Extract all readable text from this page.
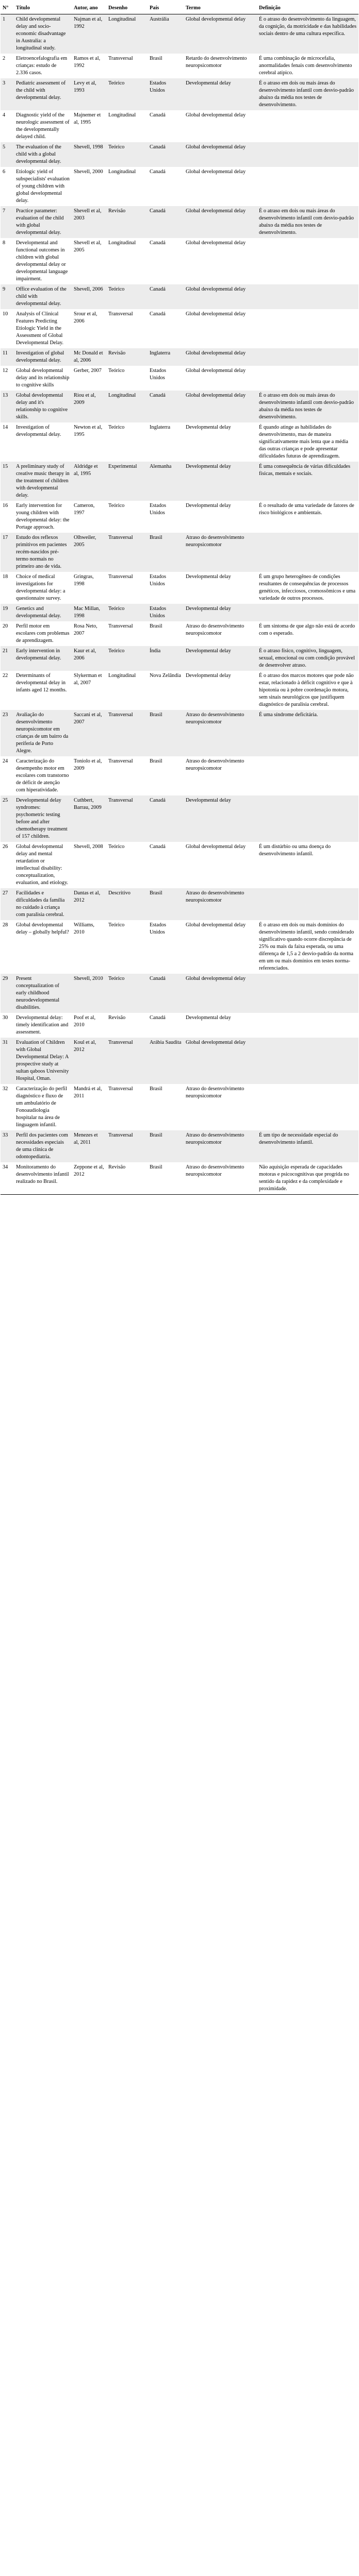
N°	Título	Autor, ano	Desenho	País	Termo	Definição
1	Child developmental delay and socio-economic disadvantage in Australia: a longitudinal study.	Najman et al, 1992	Longitudinal	Austrália	Global developmental delay	É o atraso do desenvolvimento da linguagem, da cognição, da motricidade e das habilidades sociais dentro de uma cultura específica.
2	Eletroencefalografia em crianças: estudo de 2.336 casos.	Ramos et al, 1992	Transversal	Brasil	Retardo do desenvolvimento neuropsicomotor	É uma combinação de microcefalia, anormalidades fenais com desenvolvimento cerebral atípico.
3	Pediatric assessment of the child with developmental delay.	Levy et al, 1993	Teórico	Estados Unidos	Developmental delay	É o atraso em dois ou mais áreas do desenvolvimento infantil com desvio-padrão abaixo da média nos testes de desenvolvimento.
4	Diagnostic yield of the neurologic assessment of the developmentally delayed child.	Majnemer et al, 1995	Longitudinal	Canadá	Global developmental delay	
5	The evaluation of the child with a global developmental delay.	Shevell, 1998	Teórico	Canadá	Global developmental delay	
6	Etiologic yield of subspecialists' evaluation of young children with global developmental delay.	Shevell, 2000	Longitudinal	Canadá	Global developmental delay	
7	Practice parameter: evaluation of the child with global developmental delay.	Shevell et al, 2003	Revisão	Canadá	Global developmental delay	É o atraso em dois ou mais áreas do desenvolvimento infantil com desvio-padrão abaixo da média nos testes de desenvolvimento.
8	Developmental and functional outcomes in children with global developmental delay or developmental language impairment.	Shevell et al, 2005	Longitudinal	Canadá	Global developmental delay	
9	Office evaluation of the child with developmental delay.	Shevell, 2006	Teórico	Canadá	Global developmental delay	
10	Analysis of Clinical Features Predicting Etiologic Yield in the Assessment of Global Developmental Delay.	Srour et al, 2006	Transversal	Canadá	Global developmental delay	
11	Investigation of global developmental delay.	Mc Donald et al, 2006	Revisão	Inglaterra	Global developmental delay	
12	Global developmental delay and its relationship to cognitive skills	Gerber, 2007	Teórico	Estados Unidos	Global developmental delay	
13	Global developmental delay and it's relationship to cognitive skills.	Riou et al, 2009	Longitudinal	Canadá	Global developmental delay	É o atraso em dois ou mais áreas do desenvolvimento infantil com desvio-padrão abaixo da média nos testes de desenvolvimento.
14	Investigation of developmental delay.	Newton et al, 1995	Teórico	Inglaterra	Developmental delay	É quando atinge as habilidades do desenvolvimento, mas de maneira significativamente mais lenta que a média das outras crianças e pode apresentar dificuldades futuras de aprendizagem.
15	A preliminary study of creative music therapy in the treatment of children with developmental delay.	Aldridge et al, 1995	Experimental	Alemanha	Developmental delay	É uma consequência de várias dificuldades físicas, mentais e sociais.
16	Early intervention for young children with developmental delay: the Portage approach.	Cameron, 1997	Teórico	Estados Unidos	Developmental delay	É o resultado de uma variedade de fatores de risco biológicos e ambientais.
17	Estudo dos reflexos primitivos em pacientes recém-nascidos pré-termo normais no primeiro ano de vida.	Olhweiler, 2005	Transversal	Brasil	Atraso do desenvolvimento neuropsicomotor	
18	Choice of medical investigations for developmental delay: a questionnaire survey.	Gringras, 1998	Transversal	Estados Unidos	Developmental delay	É um grupo heterogêneo de condições resultantes de consequências de processos genéticos, infecciosos, cromossômicos e uma variedade de outros processos.
19	Genetics and developmental delay.	Mac Millan, 1998	Teórico	Estados Unidos	Developmental delay	
20	Perfil motor em escolares com problemas de aprendizagem.	Rosa Neto, 2007	Transversal	Brasil	Atraso do desenvolvimento neuropsicomotor	É um sintoma de que algo não está de acordo com o esperado.
21	Early intervention in developmental delay.	Kaur et al, 2006	Teórico	Índia	Developmental delay	É o atraso físico, cognitivo, linguagem, sexual, emocional ou com condição provável de desenvolver atraso.
22	Determinants of developmental delay in infants aged 12 months.	Slykerman et al, 2007	Longitudinal	Nova Zelândia	Developmental delay	É o atraso dos marcos motores que pode não estar, relacionado à déficit cognitivo e que à hipotonia ou à pobre coordenação motora, sem sinais neurológicos que justifiquem diagnóstico de paralisia cerebral.
23	Avaliação do desenvolvimento neuropsicomotor em crianças de um bairro da periferia de Porto Alegre.	Saccani et al, 2007	Transversal	Brasil	Atraso do desenvolvimento neuropsicomotor	É uma síndrome deficitária.
24	Caracterização do desempenho motor em escolares com transtorno de déficit de atenção com hiperatividade.	Toniolo et al, 2009	Transversal	Brasil	Atraso do desenvolvimento neuropsicomotor	
25	Developmental delay syndromes: psychometric testing before and after chemotherapy treatment of 157 children.	Cuthbert, Barrau, 2009	Transversal	Canadá	Developmental delay	
26	Global developmental delay and mental retardation or intellectual disability: conceptualization, evaluation, and etiology.	Shevell, 2008	Teórico	Canadá	Global developmental delay	É um distúrbio ou uma doença do desenvolvimento infantil.
27	Facilidades e dificuldades da família no cuidado à criança com paralisia cerebral.	Dantas et al, 2012	Descritivo	Brasil	Atraso do desenvolvimento neuropsicomotor	
28	Global developmental delay – globally helpful?	Williams, 2010	Teórico	Estados Unidos	Global developmental delay	É o atraso em dois ou mais domínios do desenvolvimento infantil, sendo considerado significativo quando ocorre discrepância de 25% ou mais da faixa esperada, ou uma diferença de 1,5 a 2 desvio-padrão da norma em um ou mais domínios em testes norma-referenciados.
29	Present conceptualization of early childhood neurodevelopmental disabilities.	Shevell, 2010	Teórico	Canadá	Global developmental delay	
30	Developmental delay: timely identification and assessment.	Poof et al, 2010	Revisão	Canadá	Developmental delay	
31	Evaluation of Children with Global Developmental Delay: A prospective study at sultan qaboos University Hospital, Oman.	Koul et al, 2012	Transversal	Arábia Saudita	Global developmental delay	
32	Caracterização do perfil diagnóstico e fluxo de um ambulatório de Fonoaudiologia hospitalar na área de linguagem infantil.	Mandrá et al, 2011	Transversal	Brasil	Atraso do desenvolvimento neuropsicomotor	
33	Perfil dos pacientes com necessidades especiais de uma clínica de odontopediatria.	Menezes et al, 2011	Transversal	Brasil	Atraso do desenvolvimento neuropsicomotor	É um tipo de necessidade especial do desenvolvimento infantil.
34	Monitoramento do desenvolvimento infantil realizado no Brasil.	Zeppone et al, 2012	Revisão	Brasil	Atraso do desenvolvimento neuropsicomotor	Não aquisição esperada de capacidades motoras e psicocognitivas que progrida no sentido da rapidez e da complexidade e proximidade.
